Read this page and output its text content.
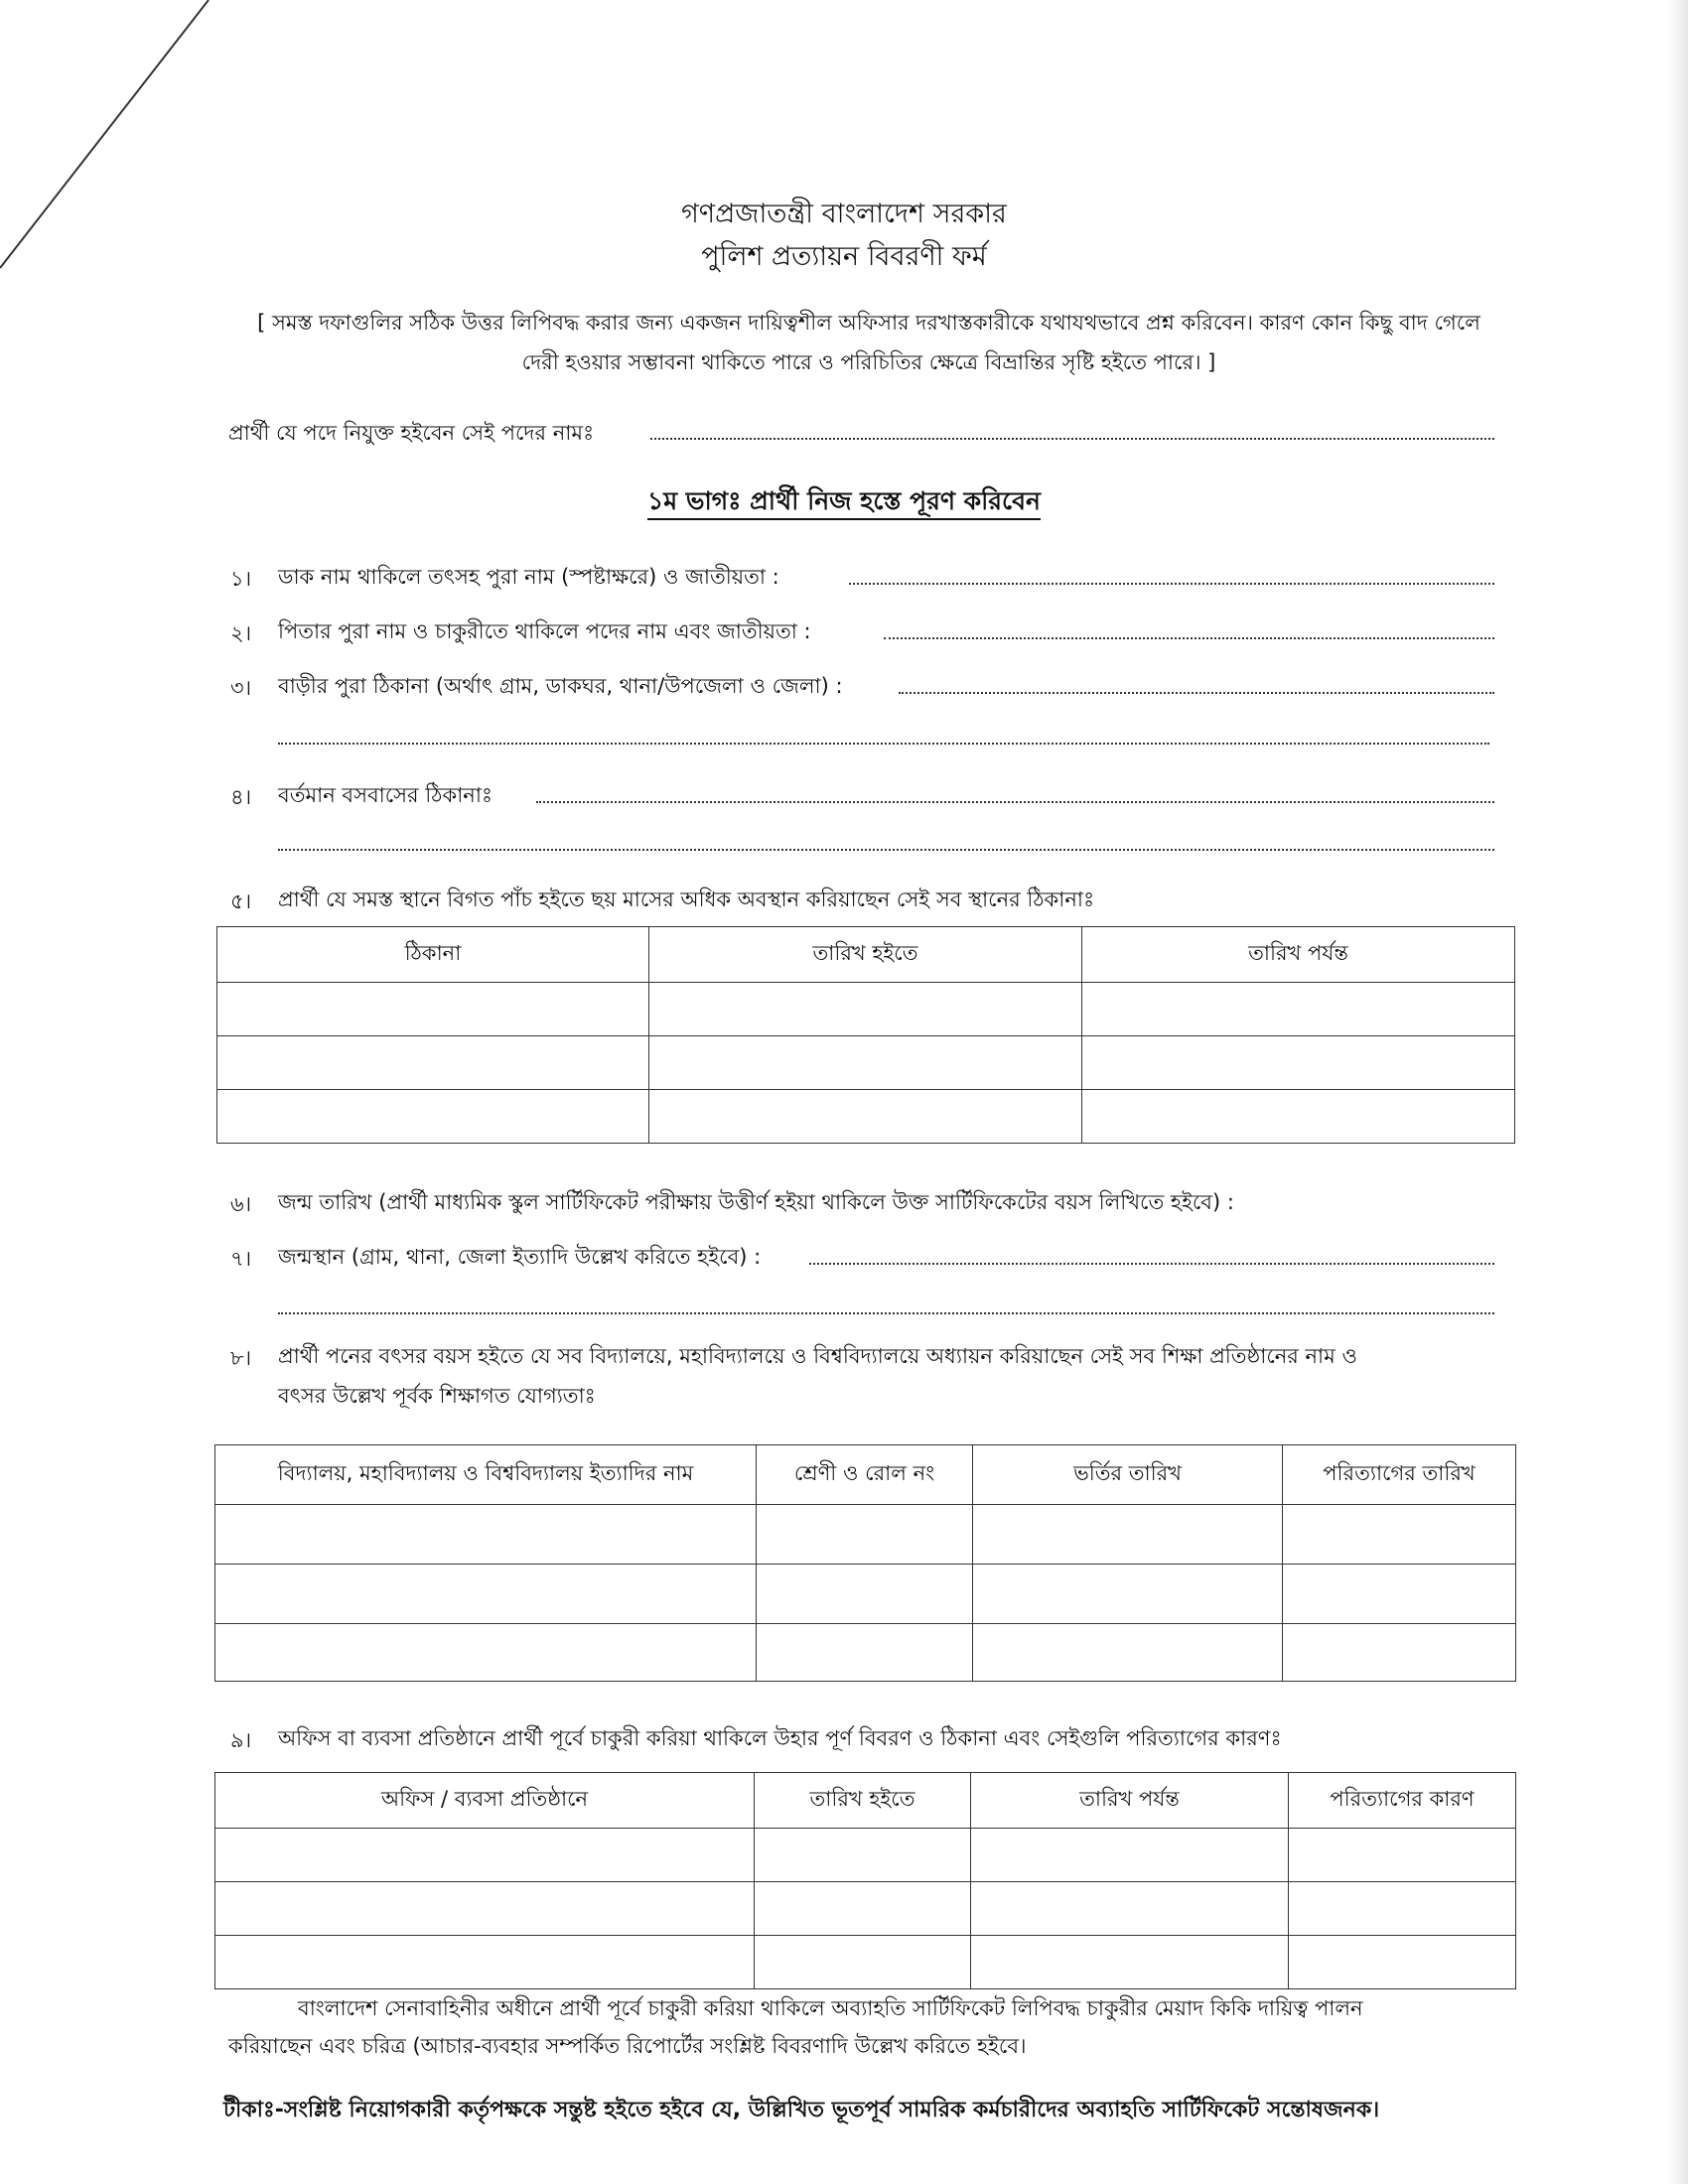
গণপ্রজাতন্ত্রী বাংলাদেশ সরকার
পুলিশ প্রত্যায়ন বিবরণী ফর্ম
[ সমস্ত দফাগুলির সঠিক উত্তর লিপিবদ্ধ করার জন্য একজন দায়িত্বশীল অফিসার দরখাস্তকারীকে যথাযথভাবে প্রশ্ন করিবেন। কারণ কোন কিছু বাদ গেলে দেরী হওয়ার সম্ভাবনা থাকিতে পারে ও পরিচিতির ক্ষেত্রে বিভ্রান্তির সৃষ্টি হইতে পারে। ]
প্রার্থী যে পদে নিযুক্ত হইবেন সেই পদের নামঃ
১ম ভাগঃ প্রার্থী নিজ হস্তে পূরণ করিবেন
১। ডাক নাম থাকিলে তৎসহ পুরা নাম (স্পষ্টাক্ষরে) ও জাতীয়তা :
২। পিতার পুরা নাম ও চাকুরীতে থাকিলে পদের নাম এবং জাতীয়তা :
৩। বাড়ীর পুরা ঠিকানা (অর্থাৎ গ্রাম, ডাকঘর, থানা/উপজেলা ও জেলা) :
৪। বর্তমান বসবাসের ঠিকানাঃ
৫। প্রার্থী যে সমস্ত স্থানে বিগত পাঁচ হইতে ছয় মাসের অধিক অবস্থান করিয়াছেন সেই সব স্থানের ঠিকানাঃ
ঠিকানা	তারিখ হইতে	তারিখ পর্যন্ত

৬। জন্ম তারিখ (প্রার্থী মাধ্যমিক স্কুল সার্টিফিকেট পরীক্ষায় উত্তীর্ণ হইয়া থাকিলে উক্ত সার্টিফিকেটের বয়স লিখিতে হইবে) :
৭। জন্মস্থান (গ্রাম, থানা, জেলা ইত্যাদি উল্লেখ করিতে হইবে) :
৮। প্রার্থী পনের বৎসর বয়স হইতে যে সব বিদ্যালয়ে, মহাবিদ্যালয়ে ও বিশ্ববিদ্যালয়ে অধ্যায়ন করিয়াছেন সেই সব শিক্ষা প্রতিষ্ঠানের নাম ও
বৎসর উল্লেখ পূর্বক শিক্ষাগত যোগ্যতাঃ
বিদ্যালয়, মহাবিদ্যালয় ও বিশ্ববিদ্যালয় ইত্যাদির নাম	শ্রেণী ও রোল নং	ভর্তির তারিখ	পরিত্যাগের তারিখ

৯। অফিস বা ব্যবসা প্রতিষ্ঠানে প্রার্থী পূর্বে চাকুরী করিয়া থাকিলে উহার পূর্ণ বিবরণ ও ঠিকানা এবং সেইগুলি পরিত্যাগের কারণঃ
অফিস / ব্যবসা প্রতিষ্ঠানে	তারিখ হইতে	তারিখ পর্যন্ত	পরিত্যাগের কারণ

বাংলাদেশ সেনাবাহিনীর অধীনে প্রার্থী পূর্বে চাকুরী করিয়া থাকিলে অব্যাহতি সার্টিফিকেট লিপিবদ্ধ চাকুরীর মেয়াদ কিকি দায়িত্ব পালন
করিয়াছেন এবং চরিত্র (আচার-ব্যবহার সম্পর্কিত রিপোর্টের সংশ্লিষ্ট বিবরণাদি উল্লেখ করিতে হইবে।
টীকাঃ-সংশ্লিষ্ট নিয়োগকারী কর্তৃপক্ষকে সন্তুষ্ট হইতে হইবে যে, উল্লিখিত ভূতপূর্ব সামরিক কর্মচারীদের অব্যাহতি সার্টিফিকেট সন্তোষজনক।
